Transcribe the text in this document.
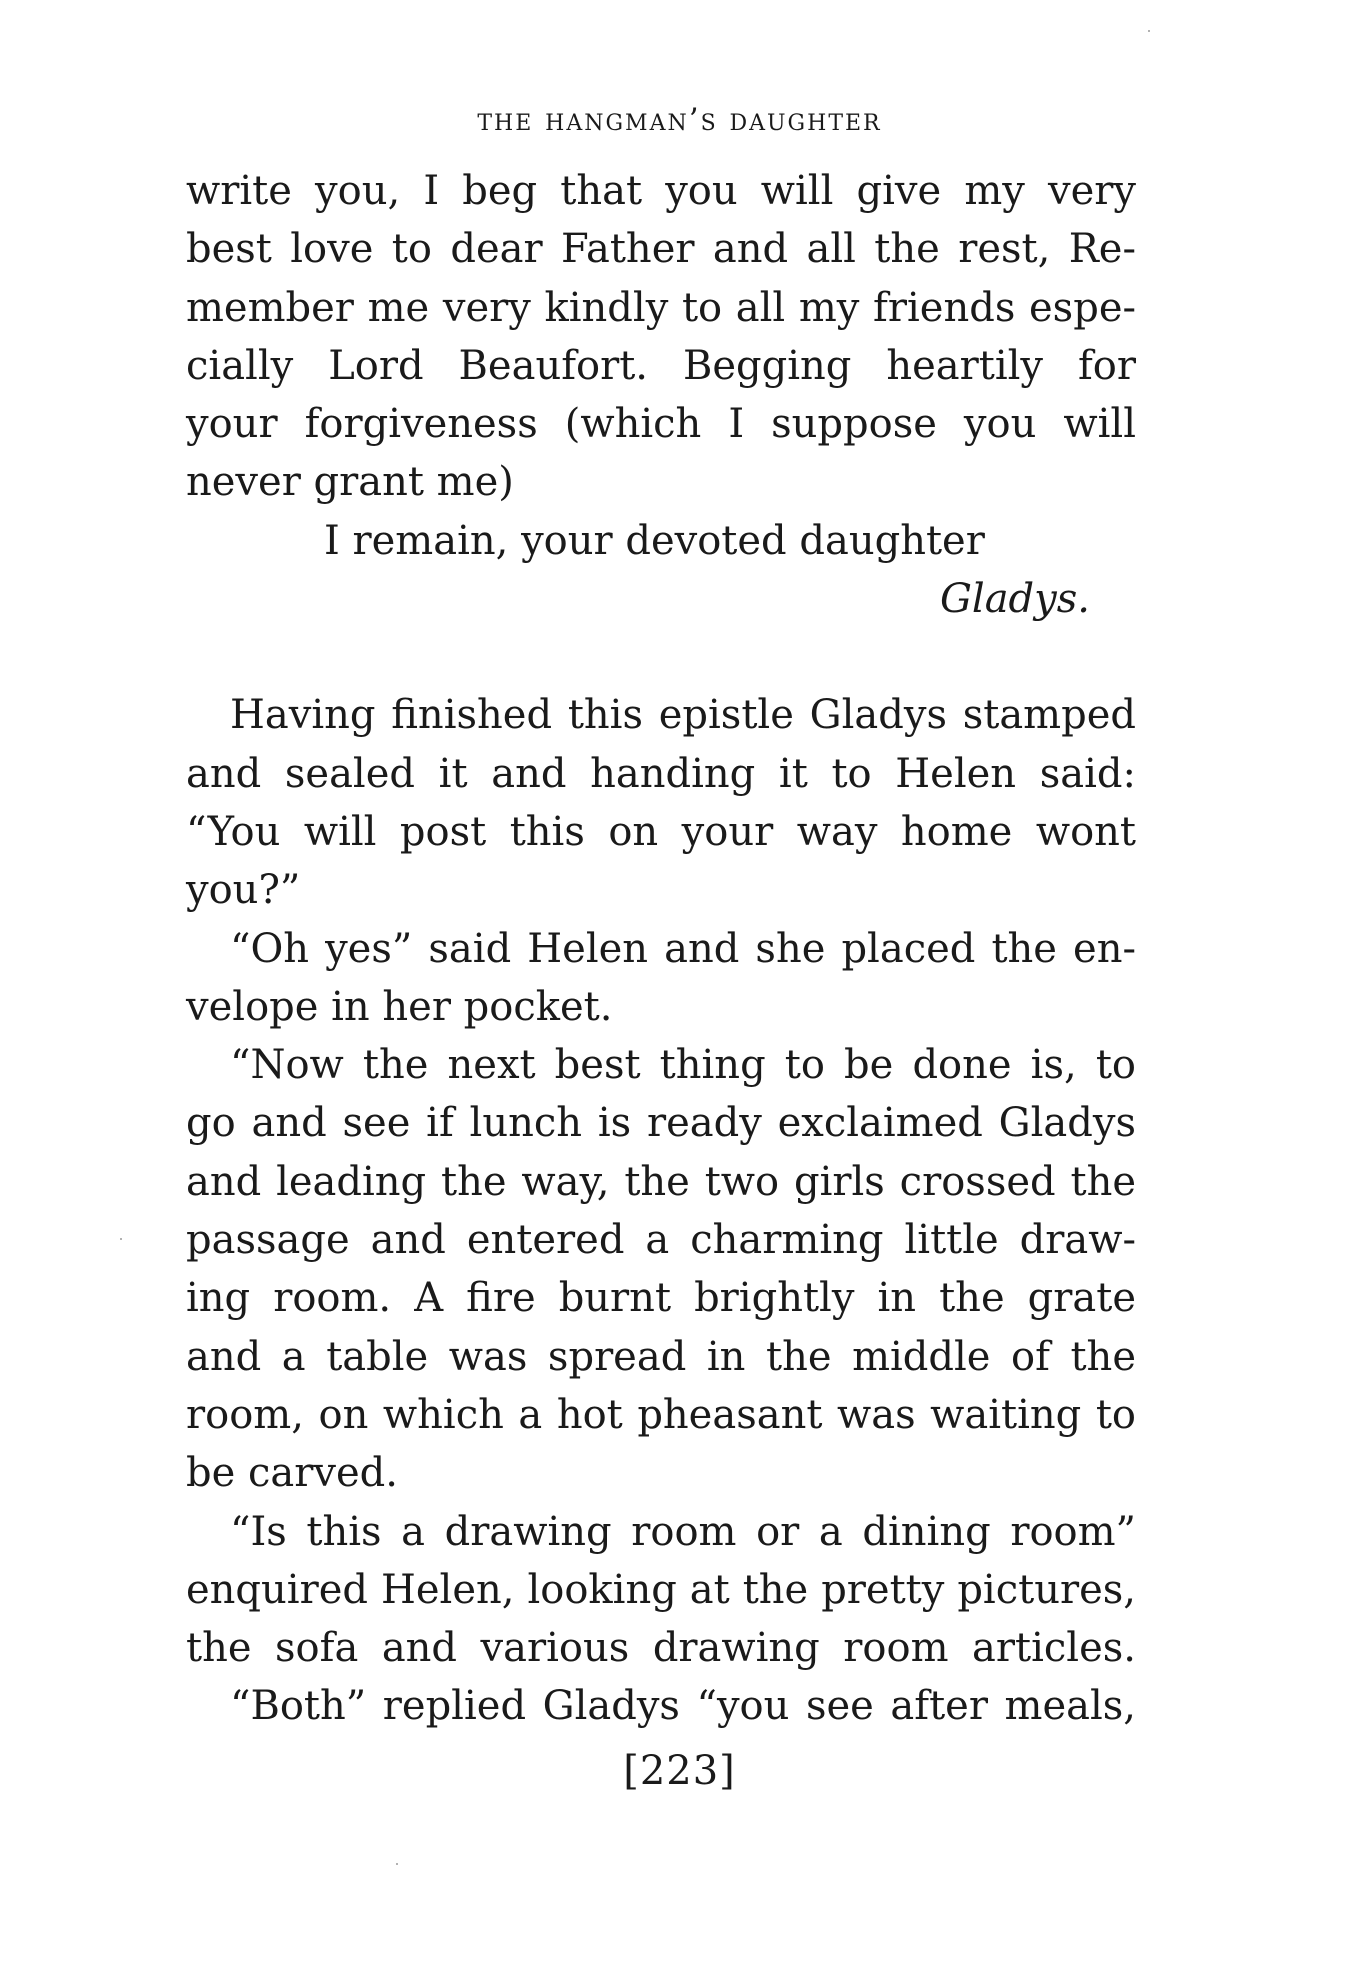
the hangman’s daughter
write you, I beg that you will give my very
best love to dear Father and all the rest, Re-
member me very kindly to all my friends espe-
cially Lord Beaufort. Begging heartily for
your forgiveness (which I suppose you will
never grant me)
I remain, your devoted daughter
Gladys.
Having finished this epistle Gladys stamped
and sealed it and handing it to Helen said:
“You will post this on your way home wont
you?”
“Oh yes” said Helen and she placed the en-
velope in her pocket.
“Now the next best thing to be done is, to
go and see if lunch is ready exclaimed Gladys
and leading the way, the two girls crossed the
passage and entered a charming little draw-
ing room. A fire burnt brightly in the grate
and a table was spread in the middle of the
room, on which a hot pheasant was waiting to
be carved.
“Is this a drawing room or a dining room”
enquired Helen, looking at the pretty pictures,
the sofa and various drawing room articles.
“Both” replied Gladys “you see after meals,
[223]
